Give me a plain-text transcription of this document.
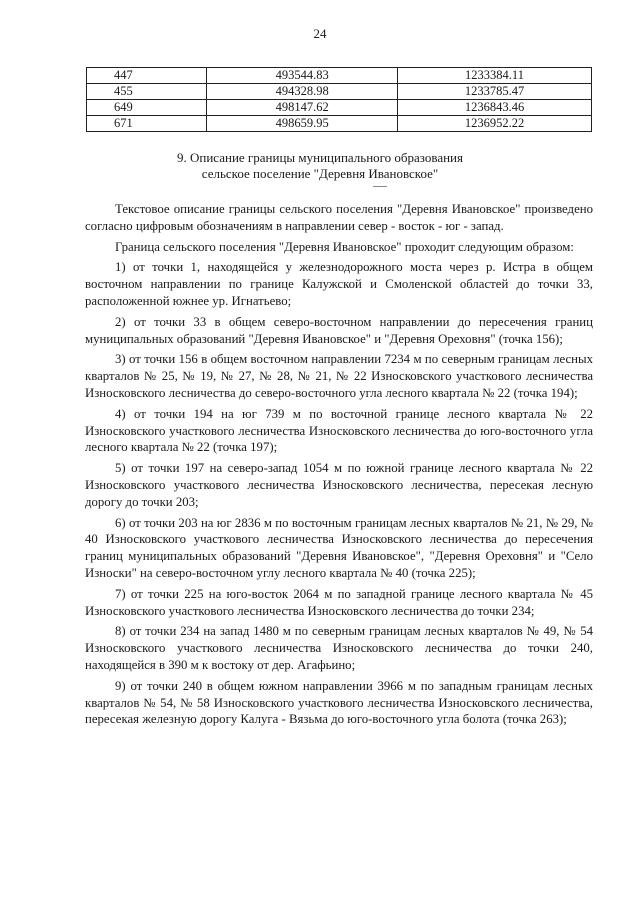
24
447	493544.83	1233384.11
455	494328.98	1233785.47
649	498147.62	1236843.46
671	498659.95	1236952.22
9. Описание границы муниципального образования
сельское поселение "Деревня Ивановское"

Текстовое описание границы сельского поселения "Деревня Ивановское" произведено согласно цифровым обозначениям в направлении север - восток - юг - запад.

Граница сельского поселения "Деревня Ивановское" проходит следующим образом:

1) от точки 1, находящейся у железнодорожного моста через р. Истра в общем восточном направлении по границе Калужской и Смоленской областей до точки 33, расположенной южнее ур. Игнатьево;

2) от точки 33 в общем северо-восточном направлении до пересечения границ муниципальных образований "Деревня Ивановское" и "Деревня Ореховня" (точка 156);

3) от точки 156 в общем восточном направлении 7234 м по северным границам лесных кварталов № 25, № 19, № 27, № 28, № 21, № 22 Износковского участкового лесничества Износковского лесничества до северо-восточного угла лесного квартала № 22 (точка 194);

4) от точки 194 на юг 739 м по восточной границе лесного квартала № 22 Износковского участкового лесничества Износковского лесничества до юго-восточного угла лесного квартала № 22 (точка 197);

5) от точки 197 на северо-запад 1054 м по южной границе лесного квартала № 22 Износковского участкового лесничества Износковского лесничества, пересекая лесную дорогу до точки 203;

6) от точки 203 на юг 2836 м по восточным границам лесных кварталов № 21, № 29, № 40 Износковского участкового лесничества Износковского лесничества до пересечения границ муниципальных образований "Деревня Ивановское", "Деревня Ореховня" и "Село Износки" на северо-восточном углу лесного квартала № 40 (точка 225);

7) от точки 225 на юго-восток 2064 м по западной границе лесного квартала № 45 Износковского участкового лесничества Износковского лесничества до точки 234;

8) от точки 234 на запад 1480 м по северным границам лесных кварталов № 49, № 54 Износковского участкового лесничества Износковского лесничества до точки 240, находящейся в 390 м к востоку от дер. Агафьино;

9) от точки 240 в общем южном направлении 3966 м по западным границам лесных кварталов № 54, № 58 Износковского участкового лесничества Износковского лесничества, пересекая железную дорогу Калуга - Вязьма до юго-восточного угла болота (точка 263);
